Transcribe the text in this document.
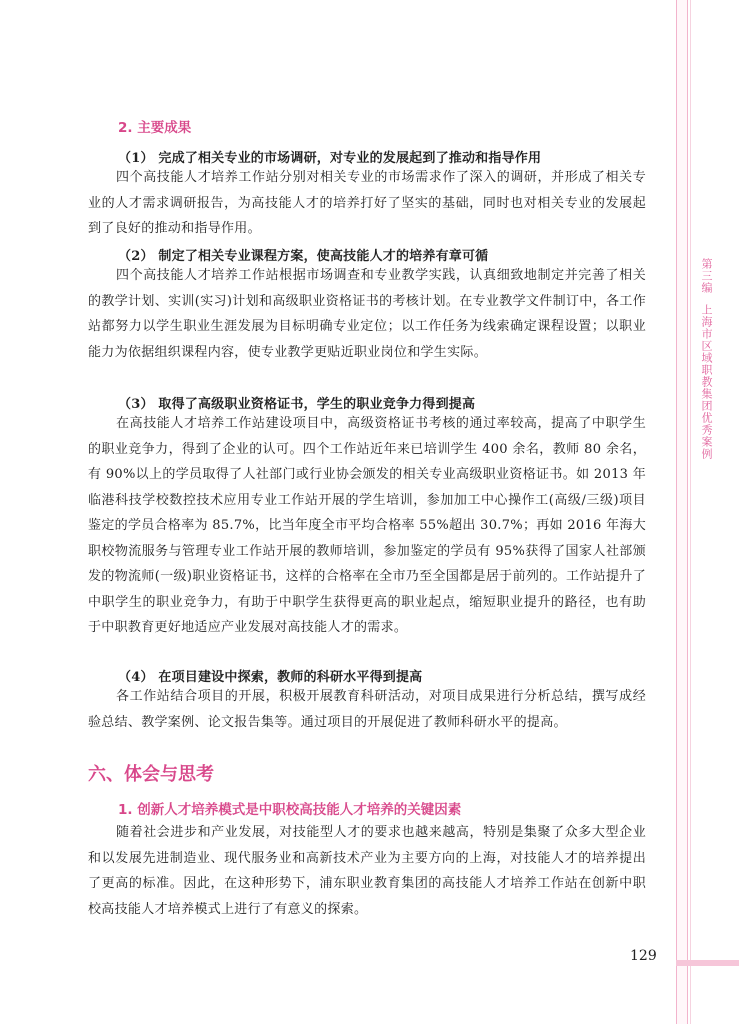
第三编
上海市区域职教集团优秀案例
2. 主要成果
（1） 完成了相关专业的市场调研，对专业的发展起到了推动和指导作用
四个高技能人才培养工作站分别对相关专业的市场需求作了深入的调研，并形成了相关专业的人才需求调研报告，为高技能人才的培养打好了坚实的基础，同时也对相关专业的发展起到了良好的推动和指导作用。
（2） 制定了相关专业课程方案，使高技能人才的培养有章可循
四个高技能人才培养工作站根据市场调查和专业教学实践，认真细致地制定并完善了相关的教学计划、实训(实习)计划和高级职业资格证书的考核计划。在专业教学文件制订中，各工作站都努力以学生职业生涯发展为目标明确专业定位；以工作任务为线索确定课程设置；以职业能力为依据组织课程内容，使专业教学更贴近职业岗位和学生实际。
（3） 取得了高级职业资格证书，学生的职业竞争力得到提高
在高技能人才培养工作站建设项目中，高级资格证书考核的通过率较高，提高了中职学生的职业竞争力，得到了企业的认可。四个工作站近年来已培训学生 400 余名，教师 80 余名，有 90%以上的学员取得了人社部门或行业协会颁发的相关专业高级职业资格证书。如 2013 年临港科技学校数控技术应用专业工作站开展的学生培训，参加加工中心操作工(高级/三级)项目鉴定的学员合格率为 85.7%，比当年度全市平均合格率 55%超出 30.7%；再如 2016 年海大职校物流服务与管理专业工作站开展的教师培训，参加鉴定的学员有 95%获得了国家人社部颁发的物流师(一级)职业资格证书，这样的合格率在全市乃至全国都是居于前列的。工作站提升了中职学生的职业竞争力，有助于中职学生获得更高的职业起点，缩短职业提升的路径，也有助于中职教育更好地适应产业发展对高技能人才的需求。
（4） 在项目建设中探索，教师的科研水平得到提高
各工作站结合项目的开展，积极开展教育科研活动，对项目成果进行分析总结，撰写成经验总结、教学案例、论文报告集等。通过项目的开展促进了教师科研水平的提高。
六、体会与思考
1. 创新人才培养模式是中职校高技能人才培养的关键因素
随着社会进步和产业发展，对技能型人才的要求也越来越高，特别是集聚了众多大型企业和以发展先进制造业、现代服务业和高新技术产业为主要方向的上海，对技能人才的培养提出了更高的标准。因此，在这种形势下，浦东职业教育集团的高技能人才培养工作站在创新中职校高技能人才培养模式上进行了有意义的探索。
129
